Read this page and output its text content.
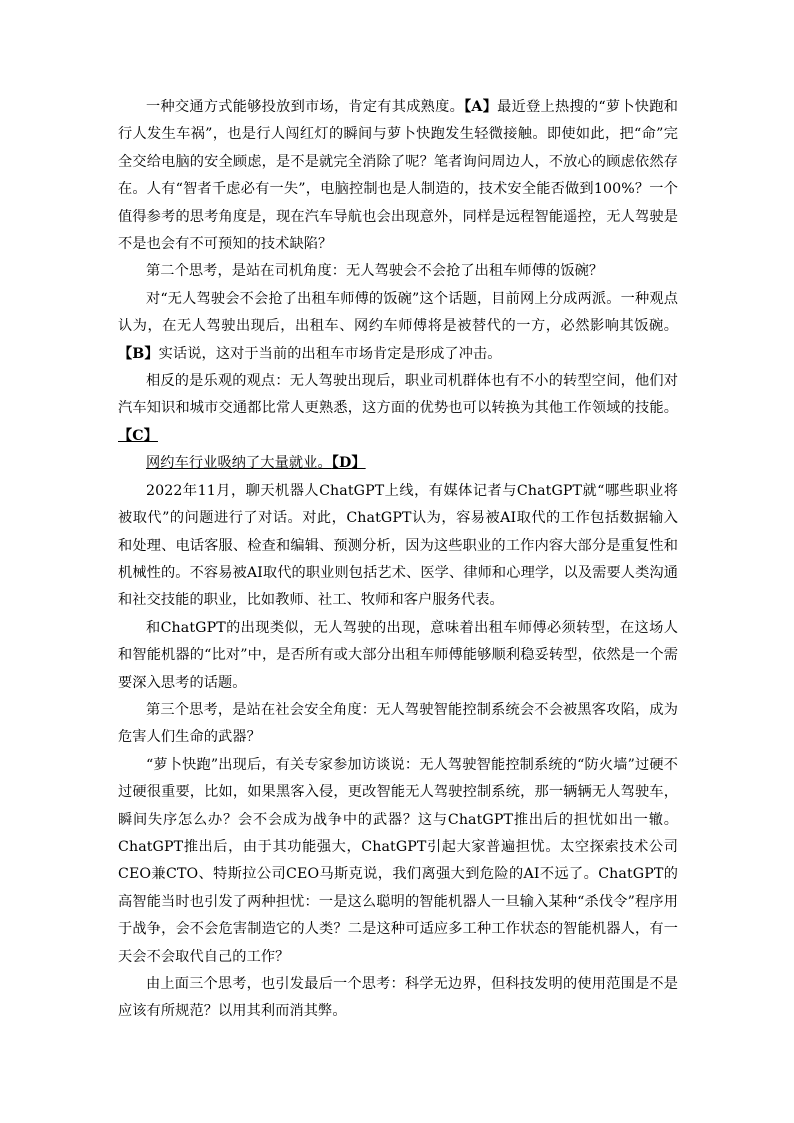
一种交通方式能够投放到市场，肯定有其成熟度。【A】最近登上热搜的“萝卜快跑和行人发生车祸”，也是行人闯红灯的瞬间与萝卜快跑发生轻微接触。即使如此，把“命”完全交给电脑的安全顾虑，是不是就完全消除了呢？笔者询问周边人，不放心的顾虑依然存在。人有“智者千虑必有一失”，电脑控制也是人制造的，技术安全能否做到100%？一个值得参考的思考角度是，现在汽车导航也会出现意外，同样是远程智能遥控，无人驾驶是不是也会有不可预知的技术缺陷？

第二个思考，是站在司机角度：无人驾驶会不会抢了出租车师傅的饭碗？

对“无人驾驶会不会抢了出租车师傅的饭碗”这个话题，目前网上分成两派。一种观点认为，在无人驾驶出现后，出租车、网约车师傅将是被替代的一方，必然影响其饭碗。【B】实话说，这对于当前的出租车市场肯定是形成了冲击。

相反的是乐观的观点：无人驾驶出现后，职业司机群体也有不小的转型空间，他们对汽车知识和城市交通都比常人更熟悉，这方面的优势也可以转换为其他工作领域的技能。【C】

网约车行业吸纳了大量就业。【D】

2022年11月，聊天机器人ChatGPT上线，有媒体记者与ChatGPT就“哪些职业将被取代”的问题进行了对话。对此，ChatGPT认为，容易被AI取代的工作包括数据输入和处理、电话客服、检查和编辑、预测分析，因为这些职业的工作内容大部分是重复性和机械性的。不容易被AI取代的职业则包括艺术、医学、律师和心理学，以及需要人类沟通和社交技能的职业，比如教师、社工、牧师和客户服务代表。

和ChatGPT的出现类似，无人驾驶的出现，意味着出租车师傅必须转型，在这场人和智能机器的“比对”中，是否所有或大部分出租车师傅能够顺利稳妥转型，依然是一个需要深入思考的话题。

第三个思考，是站在社会安全角度：无人驾驶智能控制系统会不会被黑客攻陷，成为危害人们生命的武器？

“萝卜快跑”出现后，有关专家参加访谈说：无人驾驶智能控制系统的“防火墙”过硬不过硬很重要，比如，如果黑客入侵，更改智能无人驾驶控制系统，那一辆辆无人驾驶车，瞬间失序怎么办？会不会成为战争中的武器？这与ChatGPT推出后的担忧如出一辙。ChatGPT推出后，由于其功能强大，ChatGPT引起大家普遍担忧。太空探索技术公司CEO兼CTO、特斯拉公司CEO马斯克说，我们离强大到危险的AI不远了。ChatGPT的高智能当时也引发了两种担忧：一是这么聪明的智能机器人一旦输入某种“杀伐令”程序用于战争，会不会危害制造它的人类？二是这种可适应多工种工作状态的智能机器人，有一天会不会取代自己的工作？

由上面三个思考，也引发最后一个思考：科学无边界，但科技发明的使用范围是不是应该有所规范？以用其利而消其弊。
